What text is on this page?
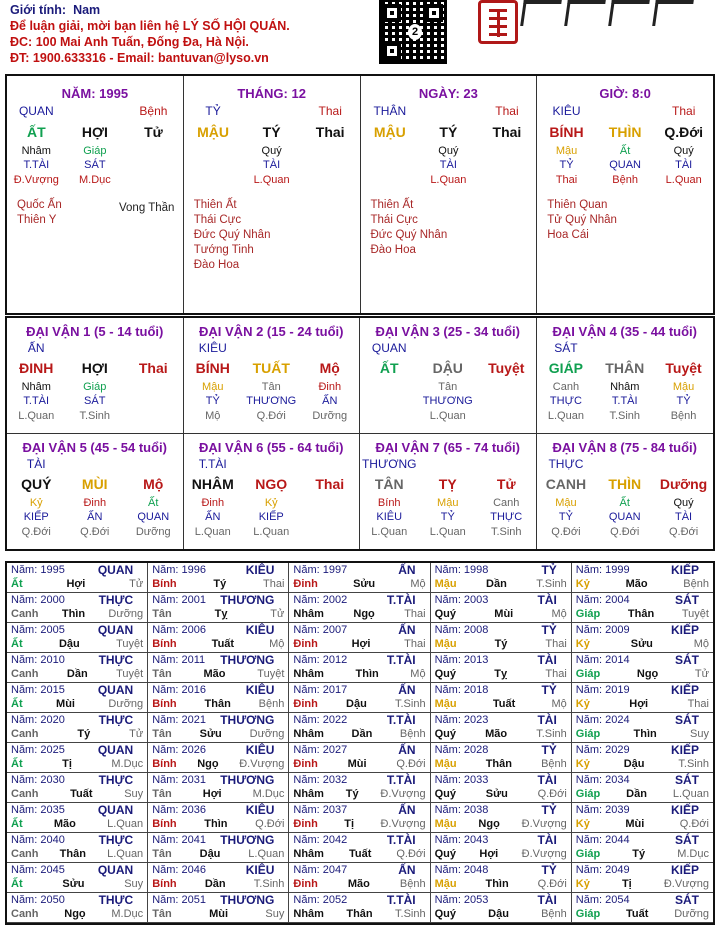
Giới tính: Nam
Để luận giải, mời bạn liên hệ LÝ SỐ HỘI QUÁN.
ĐC: 100 Mai Anh Tuấn, Đống Đa, Hà Nội.
ĐT: 1900.633316 - Email: bantuvan@lyso.vn
2
NĂM: 1995
QUAN	Bệnh
ẤT	HỢI	Tử
Nhâm	Giáp
T.TÀI	SÁT
Đ.Vượng	M.Dục
Quốc Ấn
Thiên Y
Vong Thần
THÁNG: 12
TỶ	Thai
MẬU	TÝ	Thai
Quý
TÀI
L.Quan
Thiên Ất
Thái Cực
Đức Quý Nhân
Tướng Tinh
Đào Hoa
NGÀY: 23
THÂN	Thai
MẬU	TÝ	Thai
Quý
TÀI
L.Quan
Thiên Ất
Thái Cực
Đức Quý Nhân
Đào Hoa
GIỜ: 8:0
KIÊU	Thai
BÍNH	THÌN	Q.Đới
Mậu	Ất	Quý
TỶ	QUAN	TÀI
Thai	Bệnh	L.Quan
Thiên Quan
Tử Quý Nhân
Hoa Cái
ĐẠI VẬN 1 (5 - 14 tuổi)
ẤN
ĐINH	HỢI	Thai
Nhâm	Giáp
T.TÀI	SÁT
L.Quan	T.Sinh
ĐẠI VẬN 2 (15 - 24 tuổi)
KIÊU
BÍNH	TUẤT	Mộ
Mậu	Tân	Đinh
TỶ	THƯƠNG	ẤN
Mộ	Q.Đới	Dưỡng
ĐẠI VẬN 3 (25 - 34 tuổi)
QUAN
ẤT	DẬU	Tuyệt
Tân
THƯƠNG
L.Quan
ĐẠI VẬN 4 (35 - 44 tuổi)
SÁT
GIÁP	THÂN	Tuyệt
Canh	Nhâm	Mậu
THỰC	T.TÀI	TỶ
L.Quan	T.Sinh	Bệnh
ĐẠI VẬN 5 (45 - 54 tuổi)
TÀI
QUÝ	MÙI	Mộ
Kỷ	Đinh	Ất
KIẾP	ẤN	QUAN
Q.Đới	Q.Đới	Dưỡng
ĐẠI VẬN 6 (55 - 64 tuổi)
T.TÀI
NHÂM	NGỌ	Thai
Đinh	Kỷ
ẤN	KIẾP
L.Quan	L.Quan
ĐẠI VẬN 7 (65 - 74 tuổi)
THƯƠNG
TÂN	TỴ	Tử
Bính	Mậu	Canh
KIÊU	TỶ	THỰC
L.Quan	L.Quan	T.Sinh
ĐẠI VẬN 8 (75 - 84 tuổi)
THỰC
CANH	THÌN	Dưỡng
Mậu	Ất	Quý
TỶ	QUAN	TÀI
Q.Đới	Q.Đới	Q.Đới
Năm: 1995	QUAN
Ất	Hợi	Tử
Năm: 1996	KIÊU
Bính	Tý	Thai
Năm: 1997	ẤN
Đinh	Sửu	Mộ
Năm: 1998	TỶ
Mậu	Dần	T.Sinh
Năm: 1999	KIẾP
Kỷ	Mão	Bệnh
Năm: 2000	THỰC
Canh Thìn Dưỡng
Năm: 2001 THƯƠNG
Tân	Tỵ	Tử
Năm: 2002	T.TÀI
Nhâm	Ngọ	Thai
Năm: 2003	TÀI
Quý	Mùi	Mộ
Năm: 2004	SÁT
Giáp	Thân	Tuyệt
Năm: 2005	QUAN
Ất	Dậu	Tuyệt
Năm: 2006	KIÊU
Bính	Tuất	Mộ
Năm: 2007	ẤN
Đinh	Hợi	Thai
Năm: 2008	TỶ
Mậu	Tý	Thai
Năm: 2009	KIẾP
Kỷ	Sửu	Mộ
Năm: 2010	THỰC
Canh	Dần	Tuyệt
Năm: 2011 THƯƠNG
Tân	Mão	Tuyệt
Năm: 2012	T.TÀI
Nhâm	Thìn	Mộ
Năm: 2013	TÀI
Quý	Tỵ	Thai
Năm: 2014	SÁT
Giáp	Ngọ	Tử
Năm: 2015	QUAN
Ất	Mùi	Dưỡng
Năm: 2016	KIÊU
Bính	Thân	Bệnh
Năm: 2017	ẤN
Đinh	Dậu	T.Sinh
Năm: 2018	TỶ
Mậu	Tuất	Mộ
Năm: 2019	KIẾP
Kỷ	Hợi	Thai
Năm: 2020	THỰC
Canh	Tý	Tử
Năm: 2021 THƯƠNG
Tân	Sửu	Dưỡng
Năm: 2022	T.TÀI
Nhâm	Dần	Bệnh
Năm: 2023	TÀI
Quý	Mão	T.Sinh
Năm: 2024	SÁT
Giáp	Thìn	Suy
Năm: 2025	QUAN
Ất	Tị	M.Dục
Năm: 2026	KIÊU
Bính Ngọ Đ.Vượng
Năm: 2027	ẤN
Đinh	Mùi	Q.Đới
Năm: 2028	TỶ
Mậu	Thân	Bệnh
Năm: 2029	KIẾP
Kỷ	Dậu	T.Sinh
Năm: 2030	THỰC
Canh	Tuất	Suy
Năm: 2031 THƯƠNG
Tân	Hợi	M.Dục
Năm: 2032	T.TÀI
Nhâm Tý Đ.Vượng
Năm: 2033	TÀI
Quý	Sửu	Q.Đới
Năm: 2034	SÁT
Giáp Dần L.Quan
Năm: 2035	QUAN
Ất	Mão	L.Quan
Năm: 2036	KIÊU
Bính	Thìn	Q.Đới
Năm: 2037	ẤN
Đinh Tị Đ.Vượng
Năm: 2038	TỶ
Mậu Ngọ Đ.Vượng
Năm: 2039	KIẾP
Kỷ	Mùi	Q.Đới
Năm: 2040	THỰC
Canh Thân L.Quan
Năm: 2041 THƯƠNG
Tân	Dậu	L.Quan
Năm: 2042	T.TÀI
Nhâm Tuất Q.Đới
Năm: 2043	TÀI
Quý Hợi Đ.Vượng
Năm: 2044	SÁT
Giáp	Tý	M.Dục
Năm: 2045	QUAN
Ất	Sửu	Suy
Năm: 2046	KIÊU
Bính	Dần	T.Sinh
Năm: 2047	ẤN
Đinh	Mão	Bệnh
Năm: 2048	TỶ
Mậu	Thìn	Q.Đới
Năm: 2049	KIẾP
Kỷ	Tị	Đ.Vượng
Năm: 2050	THỰC
Canh Ngọ M.Dục
Năm: 2051 THƯƠNG
Tân	Mùi	Suy
Năm: 2052	T.TÀI
Nhâm Thân T.Sinh
Năm: 2053	TÀI
Quý	Dậu	Bệnh
Năm: 2054	SÁT
Giáp Tuất Dưỡng
